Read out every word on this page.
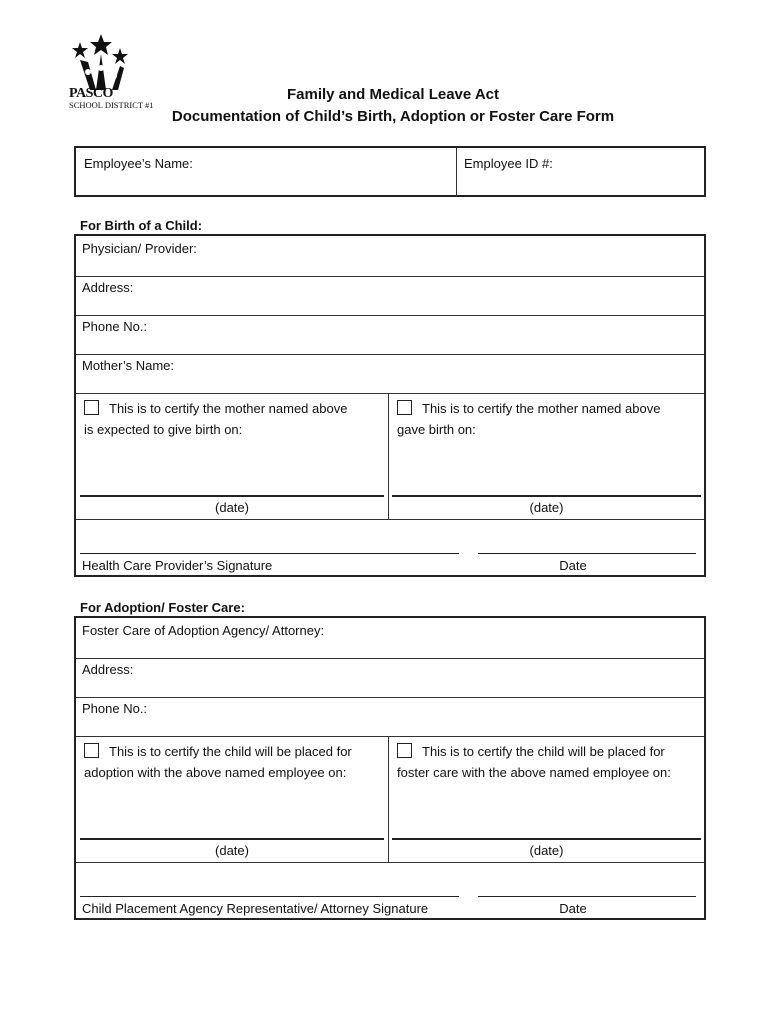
PASCO
SCHOOL DISTRICT #1
Family and Medical Leave Act
Documentation of Child’s Birth, Adoption or Foster Care Form
Employee’s Name:	Employee ID #:
For Birth of a Child:
Physician/ Provider:
Address:
Phone No.:
Mother’s Name:
This is to certify the mother named above
is expected to give birth on:
This is to certify the mother named above
gave birth on:
(date)	(date)
Health Care Provider’s Signature	Date
For Adoption/ Foster Care:
Foster Care of Adoption Agency/ Attorney:
Address:
Phone No.:
This is to certify the child will be placed for
adoption with the above named employee on:
This is to certify the child will be placed for
foster care with the above named employee on:
(date)	(date)
Child Placement Agency Representative/ Attorney Signature	Date
